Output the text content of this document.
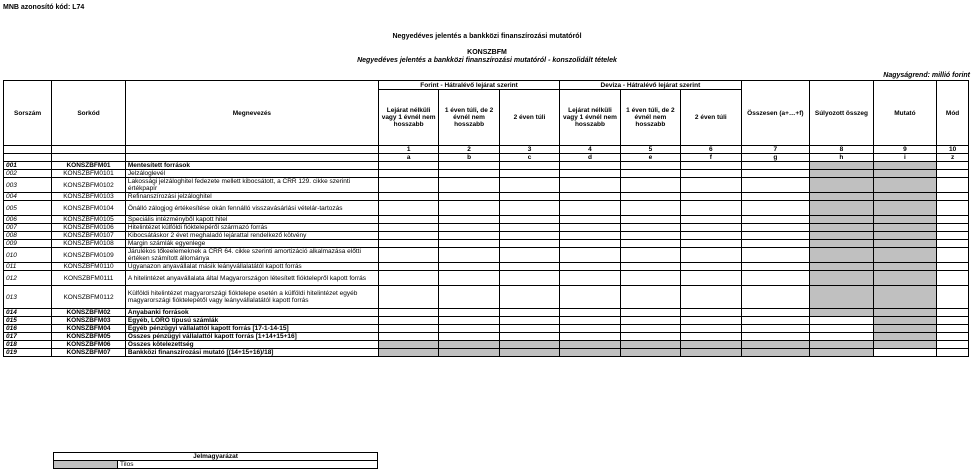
MNB azonosító kód: L74
Negyedéves jelentés a bankközi finanszírozási mutatóról
KONSZBFM
Negyedéves jelentés a bankközi finanszírozási mutatóról - konszolidált tételek
Nagyságrend: millió forint
Sorszám	Sorkód	Megnevezés	Forint - Hátralévő lejárat szerint			Deviza - Hátralévő lejárat szerint			Összesen (a+…+f)	Súlyozott összeg	Mutató	Mód
			Lejárat nélküli vagy 1 évnél nem hosszabb	1 éven túli, de 2 évnél nem hosszabb	2 éven túli	Lejárat nélküli vagy 1 évnél nem hosszabb	1 éven túli, de 2 évnél nem hosszabb	2 éven túli				
			1	2	3	4	5	6	7	8	9	10
			a	b	c	d	e	f	g	h	i	z
001	KONSZBFM01	Mentesített források										
002	KONSZBFM0101	Jelzáloglevél										
003	KONSZBFM0102	Lakossági jelzáloghitel fedezete mellett kibocsátott, a CRR 129. cikke szerinti értékpapír										
004	KONSZBFM0103	Refinanszírozási jelzáloghitel										
005	KONSZBFM0104	Önálló zálogjog értékesítése okán fennálló visszavásárlási vételár-tartozás										
006	KONSZBFM0105	Speciális intézményből kapott hitel										
007	KONSZBFM0106	Hitelintézet külföldi fióktelepéről származó forrás										
008	KONSZBFM0107	Kibocsátáskor 2 évet meghaladó lejárattal rendelkező kötvény										
009	KONSZBFM0108	Margin számlák egyenlege										
010	KONSZBFM0109	Járulékos tőkeelemeknek a CRR 64. cikke szerinti amortizáció alkalmazása előtti értéken számított állománya										
011	KONSZBFM0110	Ugyanazon anyavállalat másik leányvállalatától kapott forrás										
012	KONSZBFM0111	A hitelintézet anyavállalata által Magyarországon létesített fióktelepről kapott forrás										
013	KONSZBFM0112	Külföldi hitelintézet magyarországi fióktelepe esetén a külföldi hitelintézet egyéb magyarországi fióktelepétől vagy leányvállalatától kapott forrás										
014	KONSZBFM02	Anyabanki források										
015	KONSZBFM03	Egyéb, LORO típusú számlák										
016	KONSZBFM04	Egyéb pénzügyi vállalattól kapott forrás [17-1-14-15]										
017	KONSZBFM05	Összes pénzügyi vállalattól kapott forrás [1+14+15+16]										
018	KONSZBFM06	Összes kötelezettség										
019	KONSZBFM07	Bankközi finanszírozási mutató [(14+15+16)/18]										
Jelmagyarázat
	Tilos
